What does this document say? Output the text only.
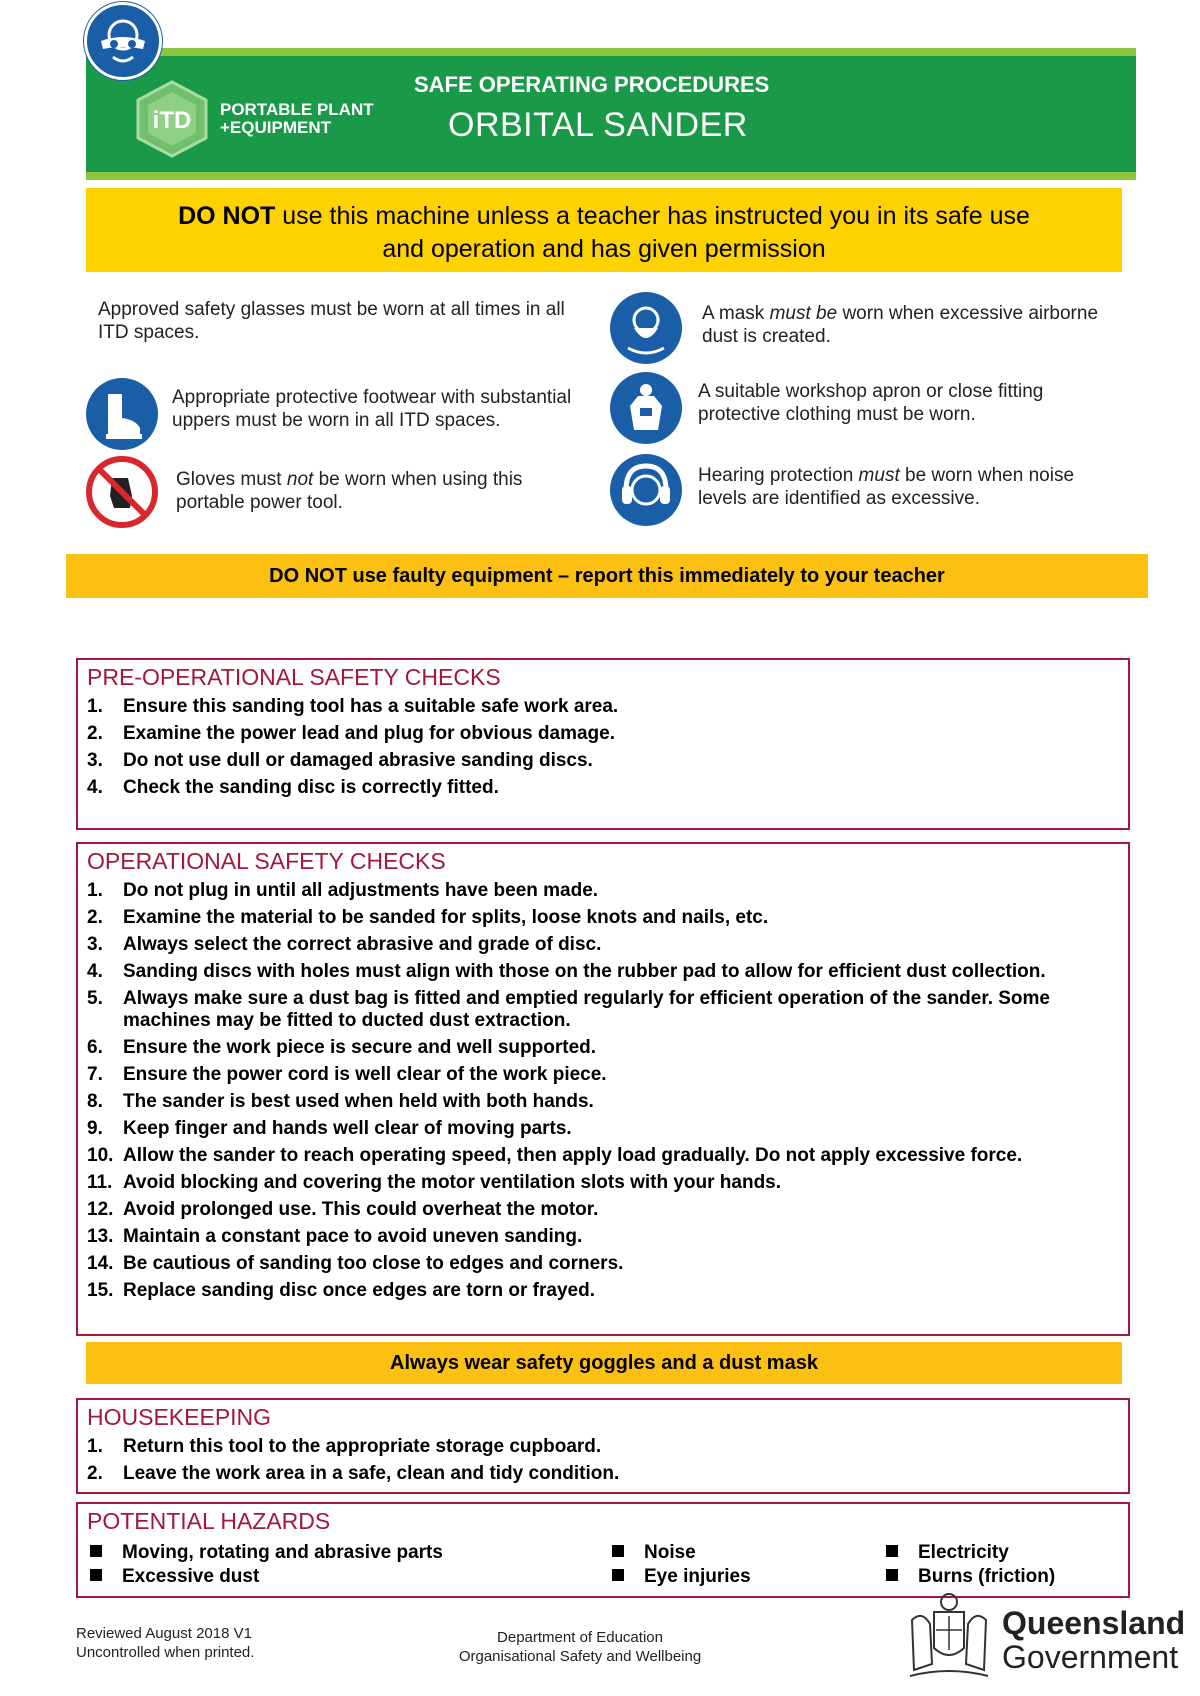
iTD PORTABLE PLANT
+EQUIPMENT
SAFE OPERATING PROCEDURES
ORBITAL SANDER
DO NOT use this machine unless a teacher has instructed you in its safe use
and operation and has given permission
Approved safety glasses must be worn at all times in all ITD spaces.
Appropriate protective footwear with substantial uppers must be worn in all ITD spaces.
Gloves must not be worn when using this portable power tool.
A mask must be worn when excessive airborne dust is created.
A suitable workshop apron or close fitting protective clothing must be worn.
Hearing protection must be worn when noise levels are identified as excessive.
DO NOT use faulty equipment – report this immediately to your teacher
PRE-OPERATIONAL SAFETY CHECKS
1. Ensure this sanding tool has a suitable safe work area.
2. Examine the power lead and plug for obvious damage.
3. Do not use dull or damaged abrasive sanding discs.
4. Check the sanding disc is correctly fitted.
OPERATIONAL SAFETY CHECKS
1. Do not plug in until all adjustments have been made.
2. Examine the material to be sanded for splits, loose knots and nails, etc.
3. Always select the correct abrasive and grade of disc.
4. Sanding discs with holes must align with those on the rubber pad to allow for efficient dust collection.
5. Always make sure a dust bag is fitted and emptied regularly for efficient operation of the sander. Some machines may be fitted to ducted dust extraction.
6. Ensure the work piece is secure and well supported.
7. Ensure the power cord is well clear of the work piece.
8. The sander is best used when held with both hands.
9. Keep finger and hands well clear of moving parts.
10. Allow the sander to reach operating speed, then apply load gradually. Do not apply excessive force.
11. Avoid blocking and covering the motor ventilation slots with your hands.
12. Avoid prolonged use. This could overheat the motor.
13. Maintain a constant pace to avoid uneven sanding.
14. Be cautious of sanding too close to edges and corners.
15. Replace sanding disc once edges are torn or frayed.
Always wear safety goggles and a dust mask
HOUSEKEEPING
1. Return this tool to the appropriate storage cupboard.
2. Leave the work area in a safe, clean and tidy condition.
POTENTIAL HAZARDS
Moving, rotating and abrasive parts	Noise	Electricity
Excessive dust	Eye injuries	Burns (friction)
Reviewed August 2018 V1
Uncontrolled when printed.
Department of Education
Organisational Safety and Wellbeing
Queensland
Government
